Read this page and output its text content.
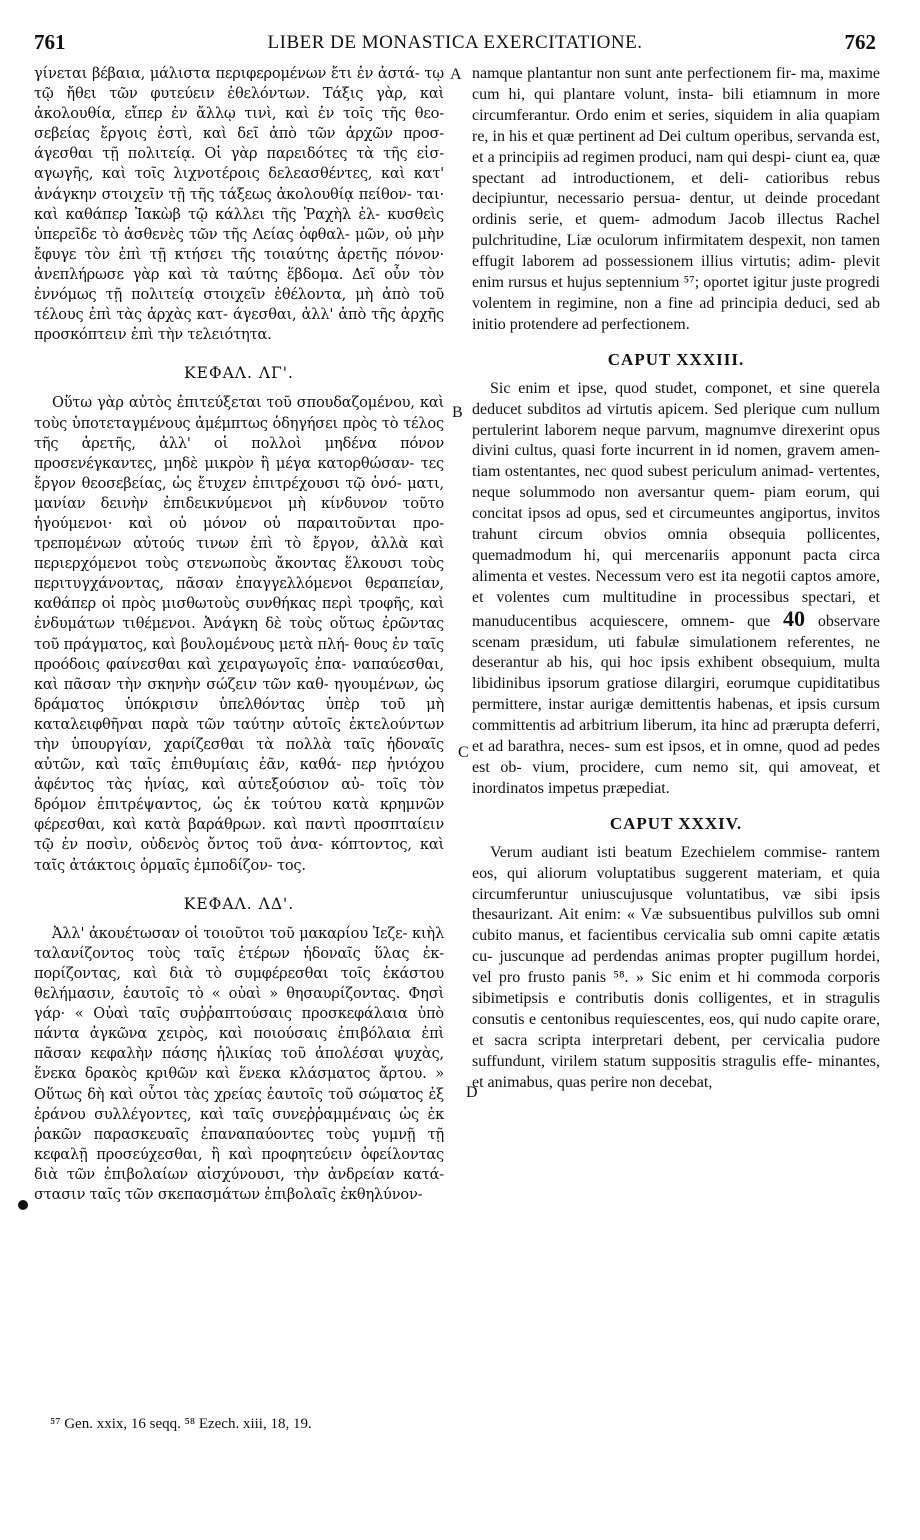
761	LIBER DE MONASTICA EXERCITATIONE.	762

γίνεται βέβαια, μάλιστα περιφερομένων ἔτι ἐν ἀστά- τῳ τῷ ἤθει τῶν φυτεύειν ἐθελόντων. Τάξις γὰρ, καὶ ἀκολουθία, εἴπερ ἐν ἄλλῳ τινὶ, καὶ ἐν τοῖς τῆς θεο- σεβείας ἔργοις ἐστὶ, καὶ δεῖ ἀπὸ τῶν ἀρχῶν προσ- άγεσθαι τῇ πολιτείᾳ. Οἱ γὰρ παρειδότες τὰ τῆς εἰσ- αγωγῆς, καὶ τοῖς λιχνοτέροις δελεασθέντες, καὶ κατ' ἀνάγκην στοιχεῖν τῇ τῆς τάξεως ἀκολουθίᾳ πείθον- ται· καὶ καθάπερ Ἰακὼβ τῷ κάλλει τῆς Ῥαχὴλ ἐλ- κυσθεὶς ὑπερεῖδε τὸ ἀσθενὲς τῶν τῆς Λείας ὀφθαλ- μῶν, οὐ μὴν ἔφυγε τὸν ἐπὶ τῇ κτήσει τῆς τοιαύτης ἀρετῆς πόνον· ἀνεπλήρωσε γὰρ καὶ τὰ ταύτης ἕβδομα. Δεῖ οὖν τὸν ἐννόμως τῇ πολιτείᾳ στοιχεῖν ἐθέλοντα, μὴ ἀπὸ τοῦ τέλους ἐπὶ τὰς ἀρχὰς κατ- άγεσθαι, ἀλλ' ἀπὸ τῆς ἀρχῆς προσκόπτειν ἐπὶ τὴν τελειότητα.

ΚΕΦΑΛ. ΛΓ'.

Οὕτω γὰρ αὐτὸς ἐπιτεύξεται τοῦ σπουδαζομένου, καὶ τοὺς ὑποτεταγμένους ἀμέμπτως ὁδηγήσει πρὸς τὸ τέλος τῆς ἀρετῆς, ἀλλ' οἱ πολλοὶ μηδένα πόνον προσενέγκαντες, μηδὲ μικρὸν ἢ μέγα κατορθώσαν- τες ἔργον θεοσεβείας, ὡς ἔτυχεν ἐπιτρέχουσι τῷ ὀνό- ματι, μανίαν δεινὴν ἐπιδεικνύμενοι μὴ κίνδυνον τοῦτο ἡγούμενοι· καὶ οὐ μόνον οὐ παραιτοῦνται προ- τρεπομένων αὐτούς τινων ἐπὶ τὸ ἔργον, ἀλλὰ καὶ περιερχόμενοι τοὺς στενωποὺς ἄκοντας ἕλκουσι τοὺς περιτυγχάνοντας, πᾶσαν ἐπαγγελλόμενοι θεραπείαν, καθάπερ οἱ πρὸς μισθωτοὺς συνθήκας περὶ τροφῆς, καὶ ἐνδυμάτων τιθέμενοι. Ἀνάγκη δὲ τοὺς οὕτως ἐρῶντας τοῦ πράγματος, καὶ βουλομένους μετὰ πλή- θους ἐν ταῖς προόδοις φαίνεσθαι καὶ χειραγωγοῖς ἐπα- ναπαύεσθαι, καὶ πᾶσαν τὴν σκηνὴν σώζειν τῶν καθ- ηγουμένων, ὡς δράματος ὑπόκρισιν ὑπελθόντας ὑπὲρ τοῦ μὴ καταλειφθῆναι παρὰ τῶν ταύτην αὐτοῖς ἐκτελούντων τὴν ὑπουργίαν, χαρίζεσθαι τὰ πολλὰ ταῖς ἡδοναῖς αὐτῶν, καὶ ταῖς ἐπιθυμίαις ἐᾶν, καθά- περ ἡνιόχου ἀφέντος τὰς ἡνίας, καὶ αὐτεξούσιον αὐ- τοῖς τὸν δρόμον ἐπιτρέψαντος, ὡς ἐκ τούτου κατὰ κρημνῶν φέρεσθαι, καὶ κατὰ βαράθρων. καὶ παντὶ προσπταίειν τῷ ἐν ποσὶν, οὐδενὸς ὄντος τοῦ ἀνα- κόπτοντος, καὶ ταῖς ἀτάκτοις ὁρμαῖς ἐμποδίζον- τος.

ΚΕΦΑΛ. ΛΔ'.

Ἀλλ' ἀκουέτωσαν οἱ τοιοῦτοι τοῦ μακαρίου Ἰεζε- κιὴλ ταλανίζοντος τοὺς ταῖς ἑτέρων ἡδοναῖς ὕλας ἐκ- πορίζοντας, καὶ διὰ τὸ συμφέρεσθαι τοῖς ἑκάστου θελήμασιν, ἑαυτοῖς τὸ « οὐαὶ » θησαυρίζοντας. Φησὶ γάρ· « Οὐαὶ ταῖς συῤῥαπτούσαις προσκεφάλαια ὑπὸ πάντα ἀγκῶνα χειρὸς, καὶ ποιούσαις ἐπιβόλαια ἐπὶ πᾶσαν κεφαλὴν πάσης ἡλικίας τοῦ ἀπολέσαι ψυχὰς, ἕνεκα δρακὸς κριθῶν καὶ ἕνεκα κλάσματος ἄρτου. » Οὕτως δὴ καὶ οὗτοι τὰς χρείας ἑαυτοῖς τοῦ σώματος ἐξ ἐράνου συλλέγοντες, καὶ ταῖς συνεῤῥαμμέναις ὡς ἐκ ῥακῶν παρασκευαῖς ἐπαναπαύοντες τοὺς γυμνῇ τῇ κεφαλῇ προσεύχεσθαι, ἢ καὶ προφητεύειν ὀφείλοντας διὰ τῶν ἐπιβολαίων αἰσχύνουσι, τὴν ἀνδρείαν κατά- στασιν ταῖς τῶν σκεπασμάτων ἐπιβολαῖς ἐκθηλύνον-

namque plantantur non sunt ante perfectionem fir- ma, maxime cum hi, qui plantare volunt, insta- bili etiamnum in more circumferantur. Ordo enim et series, siquidem in alia quapiam re, in his et quæ pertinent ad Dei cultum operibus, servanda est, et a principiis ad regimen produci, nam qui despi- ciunt ea, quæ spectant ad introductionem, et deli- catioribus rebus decipiuntur, necessario persua- dentur, ut deinde procedant ordinis serie, et quem- admodum Jacob illectus Rachel pulchritudine, Liæ oculorum infirmitatem despexit, non tamen effugit laborem ad possessionem illius virtutis; adim- plevit enim rursus et hujus septennium ⁵⁷; oportet igitur juste progredi volentem in regimine, non a fine ad principia deduci, sed ab initio protendere ad perfectionem.

CAPUT XXXIII.

Sic enim et ipse, quod studet, componet, et sine querela deducet subditos ad virtutis apicem. Sed plerique cum nullum pertulerint laborem neque parvum, magnumve direxerint opus divini cultus, quasi forte incurrent in id nomen, gravem amen- tiam ostentantes, nec quod subest periculum animad- vertentes, neque solummodo non aversantur quem- piam eorum, qui concitat ipsos ad opus, sed et circumeuntes angiportus, invitos trahunt circum obvios omnia obsequia pollicentes, quemadmodum hi, qui mercenariis apponunt pacta circa alimenta et vestes. Necessum vero est ita negotii captos amore, et volentes cum multitudine in processibus spectari, et manuducentibus acquiescere, omnem- que 40 observare scenam præsidum, uti fabulæ simulationem referentes, ne deserantur ab his, qui hoc ipsis exhibent obsequium, multa libidinibus ipsorum gratiose dilargiri, eorumque cupiditatibus permittere, instar aurigæ demittentis habenas, et ipsis cursum committentis ad arbitrium liberum, ita hinc ad prærupta deferri, et ad barathra, neces- sum est ipsos, et in omne, quod ad pedes est ob- vium, procidere, cum nemo sit, qui amoveat, et inordinatos impetus præpediat.

CAPUT XXXIV.

Verum audiant isti beatum Ezechielem commise- rantem eos, qui aliorum voluptatibus suggerent materiam, et quia circumferuntur uniuscujusque voluntatibus, væ sibi ipsis thesaurizant. Ait enim: « Væ subsuentibus pulvillos sub omni cubito manus, et facientibus cervicalia sub omni capite ætatis cu- juscunque ad perdendas animas propter pugillum hordei, vel pro frusto panis ⁵⁸. » Sic enim et hi commoda corporis sibimetipsis e contributis donis colligentes, et in stragulis consutis e centonibus requiescentes, eos, qui nudo capite orare, et sacra scripta interpretari debent, per cervicalia pudore suffundunt, virilem statum suppositis stragulis effe- minantes, et animabus, quas perire non decebat,

A
B
C
D
⁵⁷ Gen. xxix, 16 seqq. ⁵⁸ Ezech. xiii, 18, 19.
